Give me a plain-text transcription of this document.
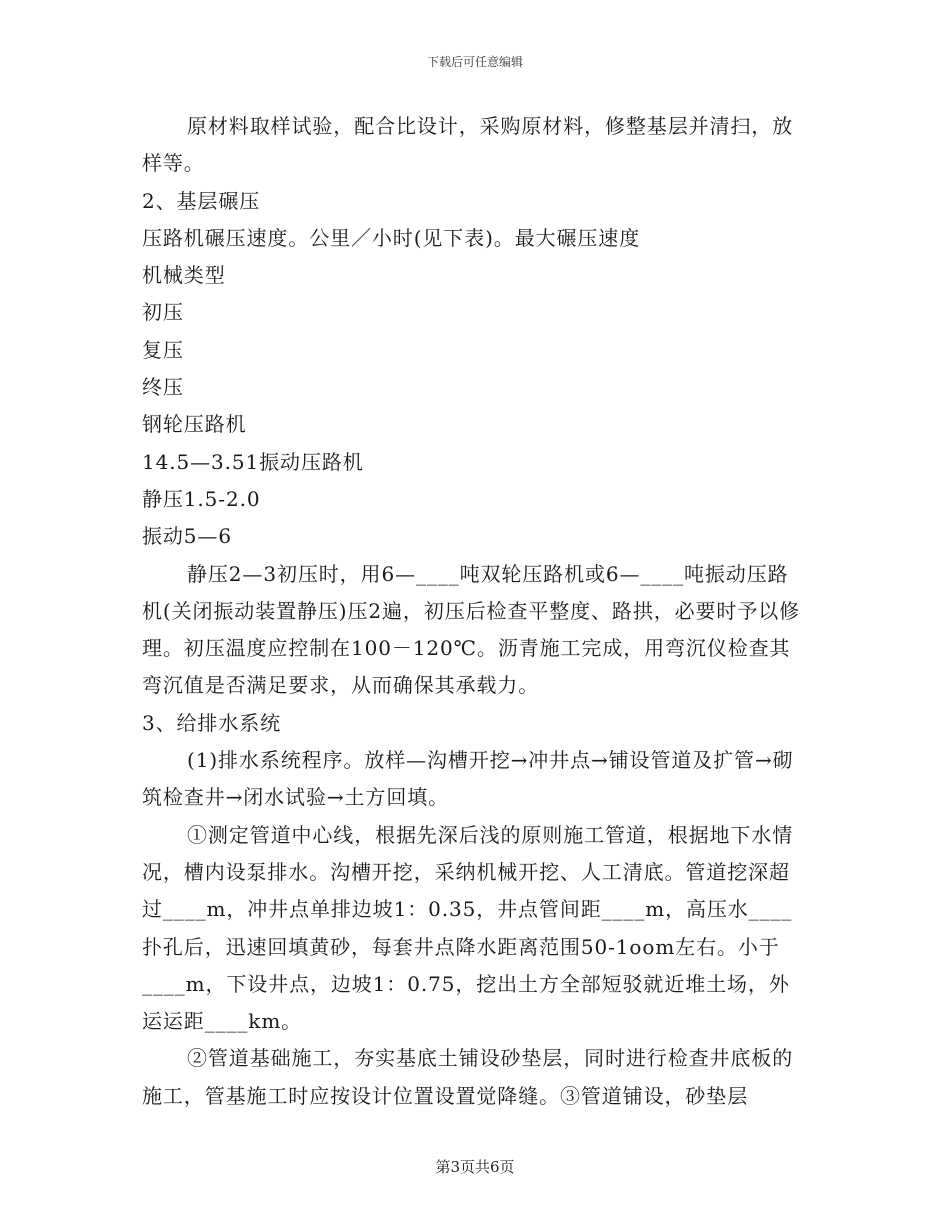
下载后可任意编辑

原材料取样试验，配合比设计，采购原材料，修整基层并清扫，放样等。

2、基层碾压

压路机碾压速度。公里／小时(见下表)。最大碾压速度

机械类型

初压

复压

终压

钢轮压路机

14.5—3.51振动压路机

静压1.5-2.0

振动5—6

静压2—3初压时，用6—____吨双轮压路机或6—____吨振动压路机(关闭振动装置静压)压2遍，初压后检查平整度、路拱，必要时予以修理。初压温度应控制在100－120℃。沥青施工完成，用弯沉仪检查其弯沉值是否满足要求，从而确保其承载力。

3、给排水系统

(1)排水系统程序。放样—沟槽开挖→冲井点→铺设管道及扩管→砌筑检查井→闭水试验→土方回填。

①测定管道中心线，根据先深后浅的原则施工管道，根据地下水情况，槽内设泵排水。沟槽开挖，采纳机械开挖、人工清底。管道挖深超过____m，冲井点单排边坡1：0.35，井点管间距____m，高压水____扑孔后，迅速回填黄砂，每套井点降水距离范围50-1oom左右。小于____m，下设井点，边坡1：0.75，挖出土方全部短驳就近堆土场，外运运距____km。

②管道基础施工，夯实基底土铺设砂垫层，同时进行检查井底板的施工，管基施工时应按设计位置设置觉降缝。③管道铺设，砂垫层

第3页共6页
